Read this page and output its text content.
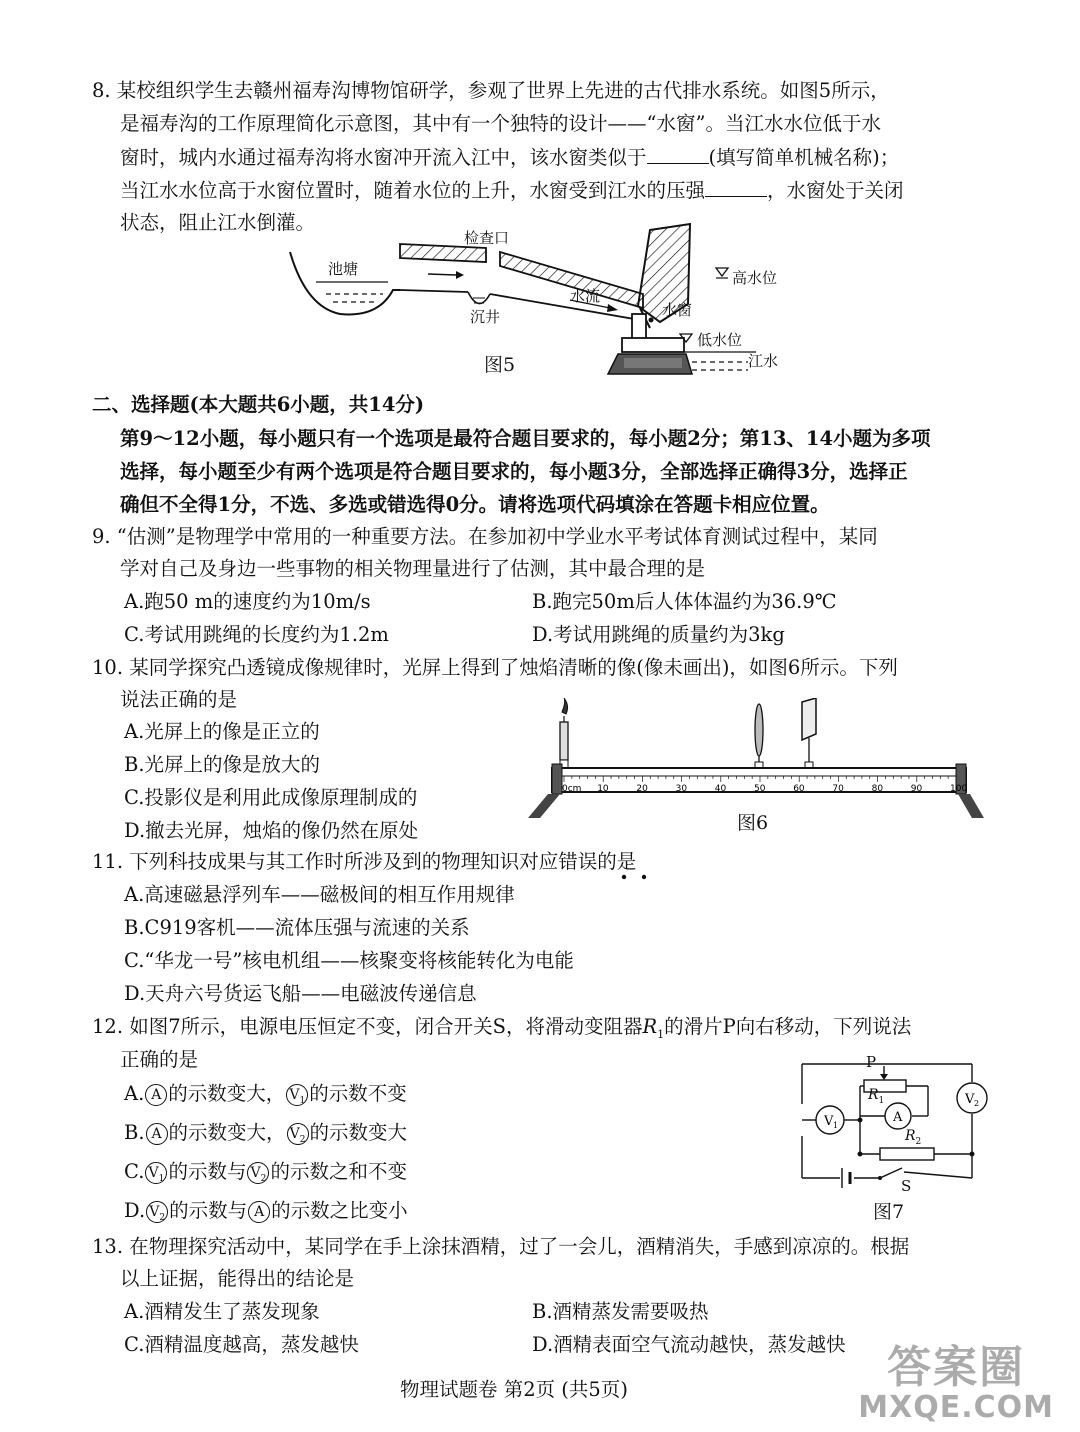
8. 某校组织学生去赣州福寿沟博物馆研学，参观了世界上先进的古代排水系统。如图5所示，
是福寿沟的工作原理简化示意图，其中有一个独特的设计——“水窗”。当江水水位低于水
窗时，城内水通过福寿沟将水窗冲开流入江中，该水窗类似于	(填写简单机械名称)；
当江水水位高于水窗位置时，随着水位的上升，水窗受到江水的压强	，水窗处于关闭
状态，阻止江水倒灌。
池塘
检查口
沉井
水流
水窗
高水位
低水位
江水
图5
二、选择题(本大题共6小题，共14分)
第9～12小题，每小题只有一个选项是最符合题目要求的，每小题2分；第13、14小题为多项
选择，每小题至少有两个选项是符合题目要求的，每小题3分，全部选择正确得3分，选择正
确但不全得1分，不选、多选或错选得0分。请将选项代码填涂在答题卡相应位置。
9. “估测”是物理学中常用的一种重要方法。在参加初中学业水平考试体育测试过程中，某同
学对自己及身边一些事物的相关物理量进行了估测，其中最合理的是
A.跑50 m的速度约为10m/s	B.跑完50m后人体体温约为36.9℃
C.考试用跳绳的长度约为1.2m	D.考试用跳绳的质量约为3kg
10. 某同学探究凸透镜成像规律时，光屏上得到了烛焰清晰的像(像未画出)，如图6所示。下列
说法正确的是
A.光屏上的像是正立的
B.光屏上的像是放大的
C.投影仪是利用此成像原理制成的
D.撤去光屏，烛焰的像仍然在原处
0cm 10	20	30	40	50	60	70	80	90	100
图6
11. 下列科技成果与其工作时所涉及到的物理知识对应错误的是
A.高速磁悬浮列车——磁极间的相互作用规律
B.C919客机——流体压强与流速的关系
C.“华龙一号”核电机组——核聚变将核能转化为电能
D.天舟六号货运飞船——电磁波传递信息
12. 如图7所示，电源电压恒定不变，闭合开关S，将滑动变阻器$R_1$的滑片P向右移动，下列说法
正确的是
A. A 的示数变大， $V_1$ 的示数不变
B. A 的示数变大， $V_2$ 的示数变大
C. $V_1$ 的示数与 $V_2$ 的示数之和不变
D. $V_2$ 的示数与 A 的示数之比变小
V 1
A
V 2
P
$R_1$
$R_2$
S
图7
13. 在物理探究活动中，某同学在手上涂抹酒精，过了一会儿，酒精消失，手感到凉凉的。根据
以上证据，能得出的结论是
A.酒精发生了蒸发现象	B.酒精蒸发需要吸热
C.酒精温度越高，蒸发越快	D.酒精表面空气流动越快，蒸发越快
物理试题卷 第2页 (共5页)	答案圈
MXQE.COM
